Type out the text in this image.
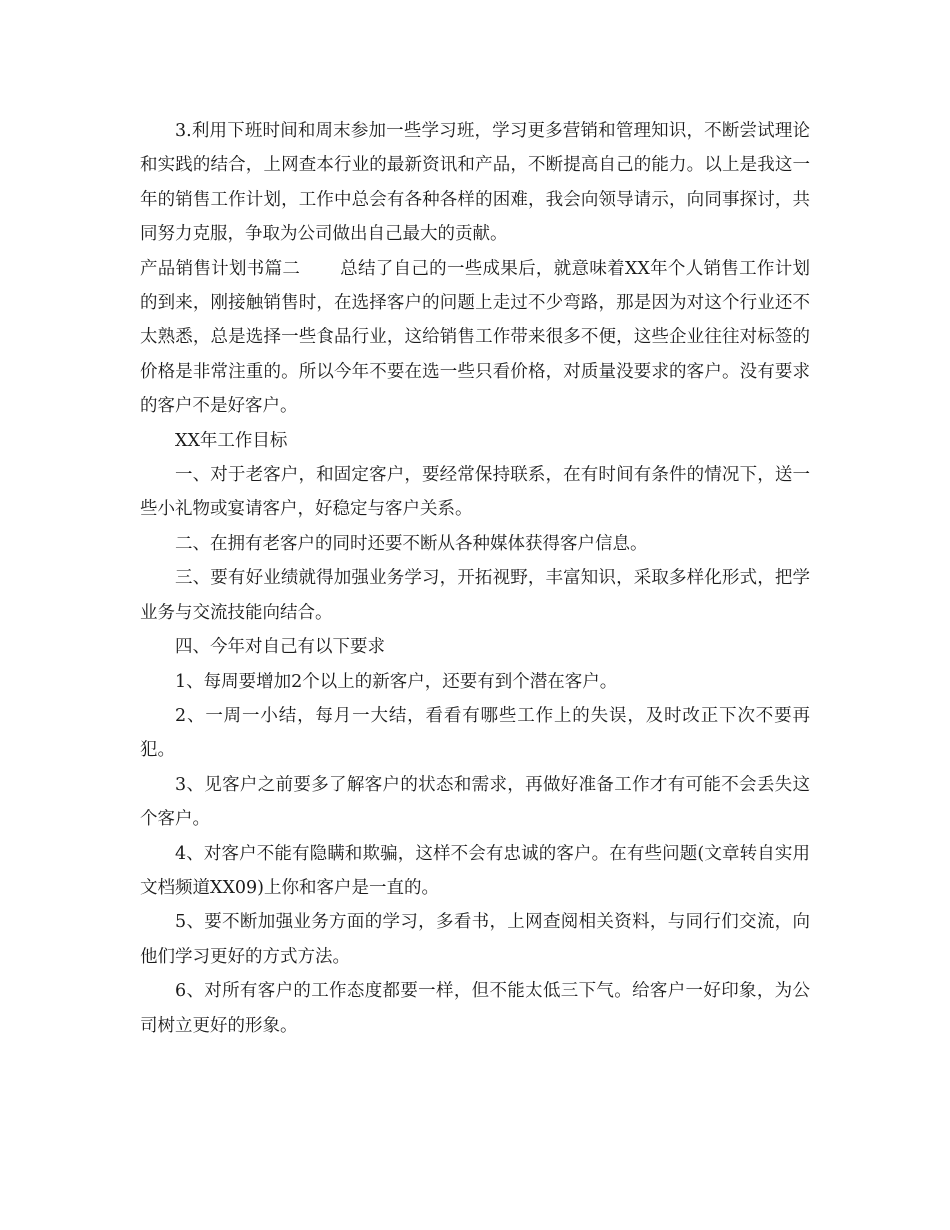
3.利用下班时间和周末参加一些学习班，学习更多营销和管理知识，不断尝试理论和实践的结合，上网查本行业的最新资讯和产品，不断提高自己的能力。以上是我这一年的销售工作计划，工作中总会有各种各样的困难，我会向领导请示，向同事探讨，共同努力克服，争取为公司做出自己最大的贡献。

产品销售计划书篇二 总结了自己的一些成果后，就意味着XX年个人销售工作计划的到来，刚接触销售时，在选择客户的问题上走过不少弯路，那是因为对这个行业还不太熟悉，总是选择一些食品行业，这给销售工作带来很多不便，这些企业往往对标签的价格是非常注重的。所以今年不要在选一些只看价格，对质量没要求的客户。没有要求的客户不是好客户。

XX年工作目标

一、对于老客户，和固定客户，要经常保持联系，在有时间有条件的情况下，送一些小礼物或宴请客户，好稳定与客户关系。

二、在拥有老客户的同时还要不断从各种媒体获得客户信息。

三、要有好业绩就得加强业务学习，开拓视野，丰富知识，采取多样化形式，把学业务与交流技能向结合。

四、今年对自己有以下要求

1、每周要增加2个以上的新客户，还要有到个潜在客户。

2、一周一小结，每月一大结，看看有哪些工作上的失误，及时改正下次不要再犯。

3、见客户之前要多了解客户的状态和需求，再做好准备工作才有可能不会丢失这个客户。

4、对客户不能有隐瞒和欺骗，这样不会有忠诚的客户。在有些问题(文章转自实用文档频道XX09)上你和客户是一直的。

5、要不断加强业务方面的学习，多看书，上网查阅相关资料，与同行们交流，向他们学习更好的方式方法。

6、对所有客户的工作态度都要一样，但不能太低三下气。给客户一好印象，为公司树立更好的形象。
